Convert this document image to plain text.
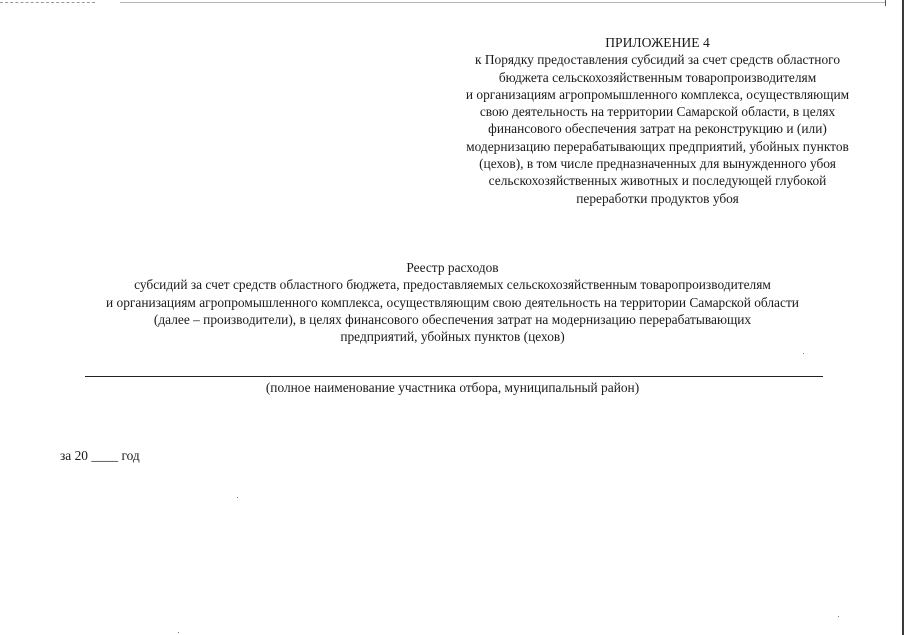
ПРИЛОЖЕНИЕ 4
к Порядку предоставления субсидий за счет средств областного
бюджета сельскохозяйственным товаропроизводителям
и организациям агропромышленного комплекса, осуществляющим
свою деятельность на территории Самарской области, в целях
финансового обеспечения затрат на реконструкцию и (или)
модернизацию перерабатывающих предприятий, убойных пунктов
(цехов), в том числе предназначенных для вынужденного убоя
сельскохозяйственных животных и последующей глубокой
переработки продуктов убоя
Реестр расходов
субсидий за счет средств областного бюджета, предоставляемых сельскохозяйственным товаропроизводителям
и организациям агропромышленного комплекса, осуществляющим свою деятельность на территории Самарской области
(далее – производители), в целях финансового обеспечения затрат на модернизацию перерабатывающих
предприятий, убойных пунктов (цехов)
(полное наименование участника отбора, муниципальный район)
за 20 ____ год
